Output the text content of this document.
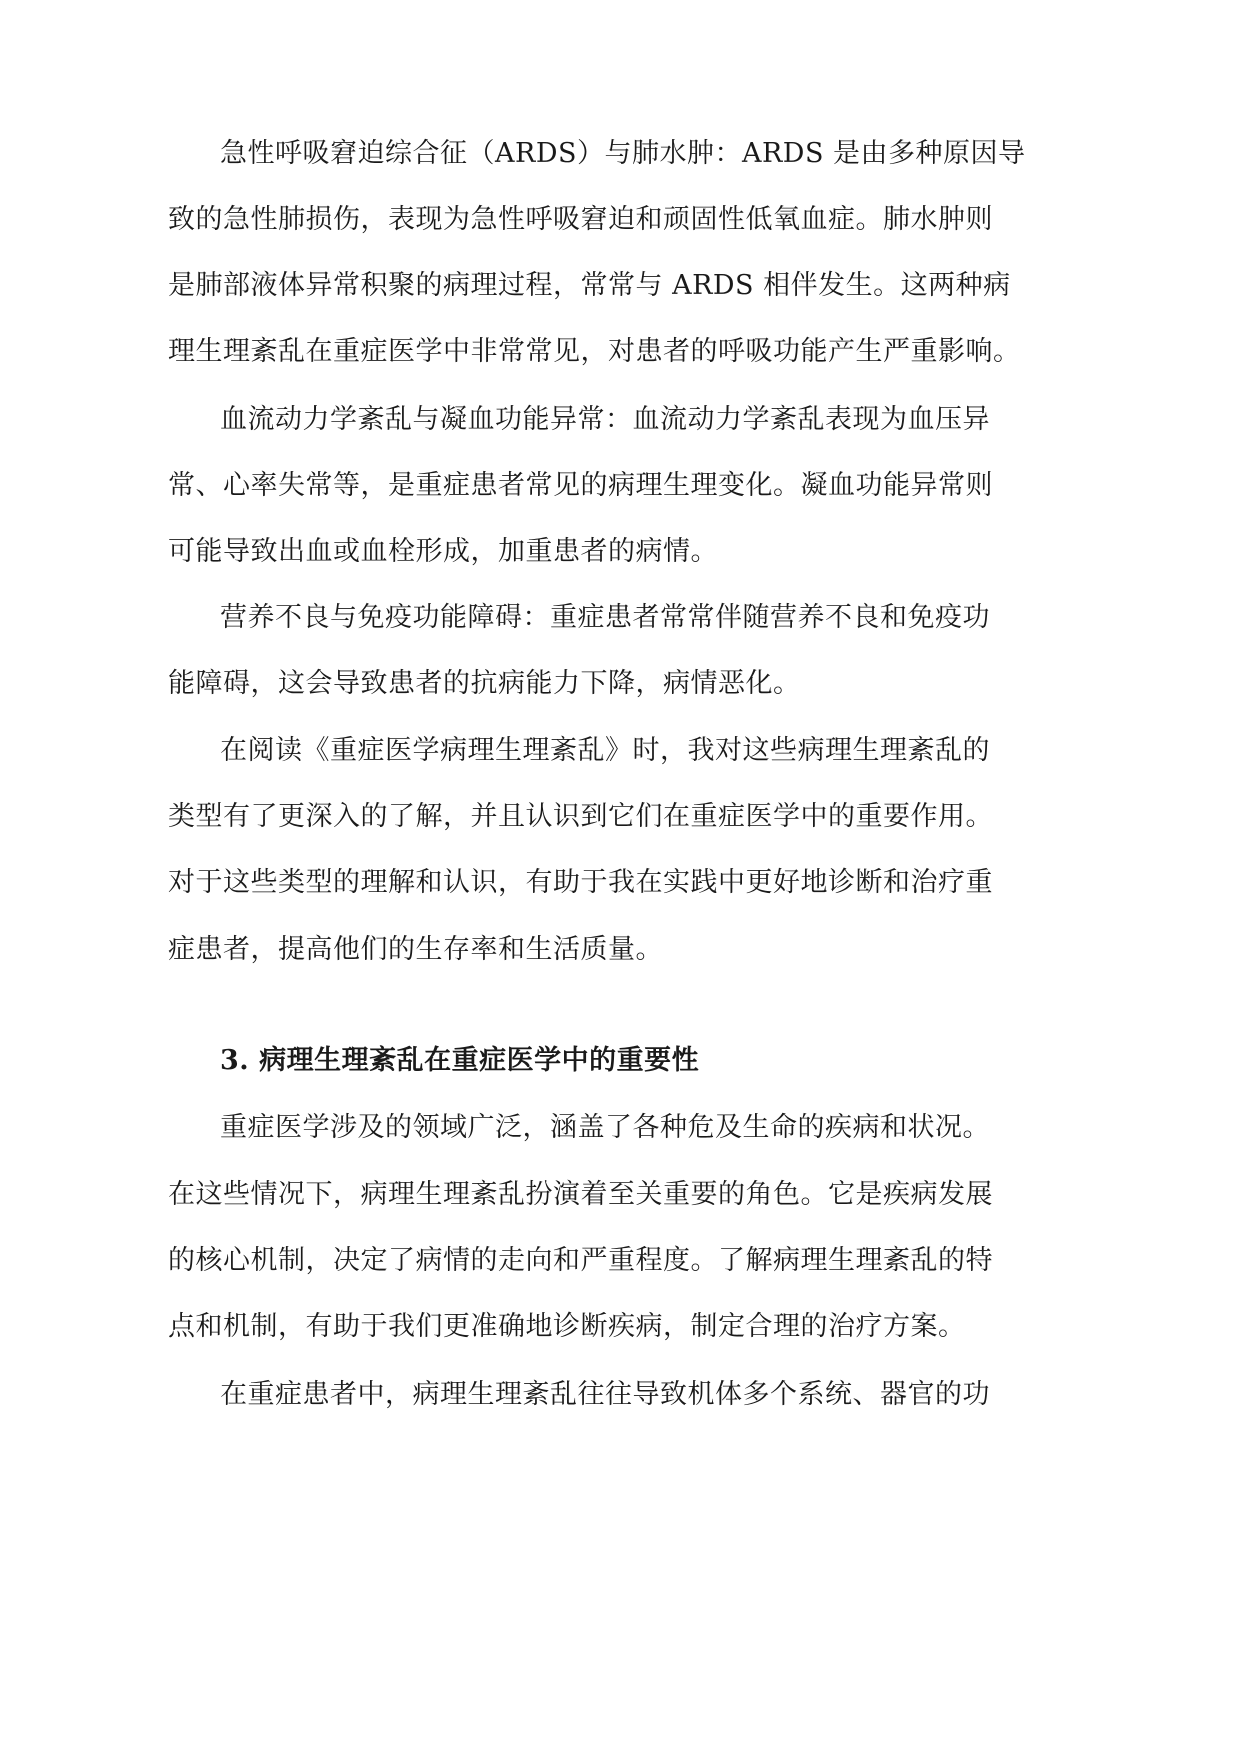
急性呼吸窘迫综合征（ARDS）与肺水肿：ARDS 是由多种原因导
致的急性肺损伤，表现为急性呼吸窘迫和顽固性低氧血症。肺水肿则
是肺部液体异常积聚的病理过程，常常与 ARDS 相伴发生。这两种病
理生理紊乱在重症医学中非常常见，对患者的呼吸功能产生严重影响。
血流动力学紊乱与凝血功能异常：血流动力学紊乱表现为血压异
常、心率失常等，是重症患者常见的病理生理变化。凝血功能异常则
可能导致出血或血栓形成，加重患者的病情。
营养不良与免疫功能障碍：重症患者常常伴随营养不良和免疫功
能障碍，这会导致患者的抗病能力下降，病情恶化。
在阅读《重症医学病理生理紊乱》时，我对这些病理生理紊乱的
类型有了更深入的了解，并且认识到它们在重症医学中的重要作用。
对于这些类型的理解和认识，有助于我在实践中更好地诊断和治疗重
症患者，提高他们的生存率和生活质量。
3. 病理生理紊乱在重症医学中的重要性
重症医学涉及的领域广泛，涵盖了各种危及生命的疾病和状况。
在这些情况下，病理生理紊乱扮演着至关重要的角色。它是疾病发展
的核心机制，决定了病情的走向和严重程度。了解病理生理紊乱的特
点和机制，有助于我们更准确地诊断疾病，制定合理的治疗方案。
在重症患者中，病理生理紊乱往往导致机体多个系统、器官的功
